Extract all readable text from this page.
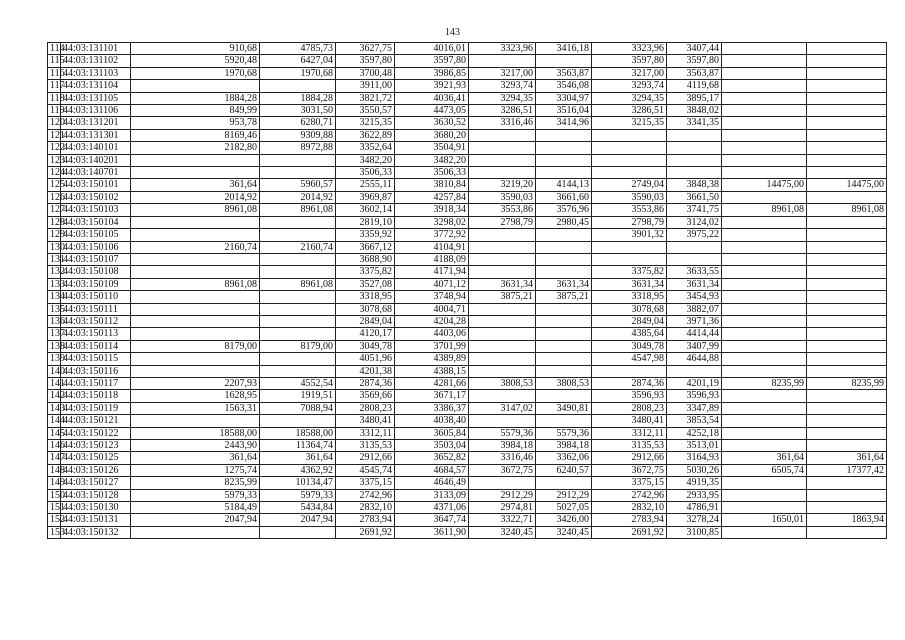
143
114	44:03:131101	910,68	4785,73	3627,75	4016,01	3323,96	3416,18	3323,96	3407,44		
115	44:03:131102	5920,48	6427,04	3597,80	3597,80			3597,80	3597,80		
116	44:03:131103	1970,68	1970,68	3700,48	3986,85	3217,00	3563,87	3217,00	3563,87		
117	44:03:131104			3911,00	3921,93	3293,74	3546,08	3293,74	4119,68		
118	44:03:131105	1884,28	1884,28	3821,72	4036,41	3294,35	3304,97	3294,35	3895,17		
119	44:03:131106	849,99	3031,50	3550,57	4473,05	3286,51	3516,04	3286,51	3848,02		
120	44:03:131201	953,78	6280,71	3215,35	3630,52	3316,46	3414,96	3215,35	3341,35		
121	44:03:131301	8169,46	9309,88	3622,89	3680,20						
122	44:03:140101	2182,80	8972,88	3352,64	3504,91						
123	44:03:140201			3482,20	3482,20						
124	44:03:140701			3506,33	3506,33						
125	44:03:150101	361,64	5960,57	2555,11	3810,84	3219,20	4144,13	2749,04	3848,38	14475,00	14475,00
126	44:03:150102	2014,92	2014,92	3969,87	4257,84	3590,03	3661,60	3590,03	3661,50		
127	44:03:150103	8961,08	8961,08	3602,14	3918,34	3553,86	3576,96	3553,86	3741,75	8961,08	8961,08
128	44:03:150104			2819,10	3298,02	2798,79	2980,45	2798,79	3124,02		
129	44:03:150105			3359,92	3772,92			3901,32	3975,22		
130	44:03:150106	2160,74	2160,74	3667,12	4104,91						
131	44:03:150107			3688,90	4188,09						
132	44:03:150108			3375,82	4171,94			3375,82	3633,55		
133	44:03:150109	8961,08	8961,08	3527,08	4071,12	3631,34	3631,34	3631,34	3631,34		
134	44:03:150110			3318,95	3748,94	3875,21	3875,21	3318,95	3454,93		
135	44:03:150111			3078,68	4004,71			3078,68	3882,07		
136	44:03:150112			2849,04	4204,28			2849,04	3971,36		
137	44:03:150113			4120,17	4403,06			4385,64	4414,44		
138	44:03:150114	8179,00	8179,00	3049,78	3701,99			3049,78	3407,99		
139	44:03:150115			4051,96	4389,89			4547,98	4644,88		
140	44:03:150116			4201,38	4388,15						
141	44:03:150117	2207,93	4552,54	2874,36	4281,66	3808,53	3808,53	2874,36	4201,19	8235,99	8235,99
142	44:03:150118	1628,95	1919,51	3569,66	3671,17			3596,93	3596,93		
143	44:03:150119	1563,31	7088,94	2808,23	3386,37	3147,02	3490,81	2808,23	3347,89		
144	44:03:150121			3480,41	4038,40			3480,41	3853,54		
145	44:03:150122	18588,00	18588,00	3312,11	3605,84	5579,36	5579,36	3312,11	4252,18		
146	44:03:150123	2443,90	11364,74	3135,53	3503,04	3984,18	3984,18	3135,53	3513,01		
147	44:03:150125	361,64	361,64	2912,66	3652,82	3316,46	3362,06	2912,66	3164,93	361,64	361,64
148	44:03:150126	1275,74	4362,92	4545,74	4684,57	3672,75	6240,57	3672,75	5030,26	6505,74	17377,42
149	44:03:150127	8235,99	10134,47	3375,15	4646,49			3375,15	4919,35		
150	44:03:150128	5979,33	5979,33	2742,96	3133,09	2912,29	2912,29	2742,96	2933,95		
151	44:03:150130	5184,49	5434,84	2832,10	4371,06	2974,81	5027,05	2832,10	4786,91		
152	44:03:150131	2047,94	2047,94	2783,94	3647,74	3322,71	3426,00	2783,94	3278,24	1650,01	1863,94
153	44:03:150132			2691,92	3611,90	3240,45	3240,45	2691,92	3100,85		
